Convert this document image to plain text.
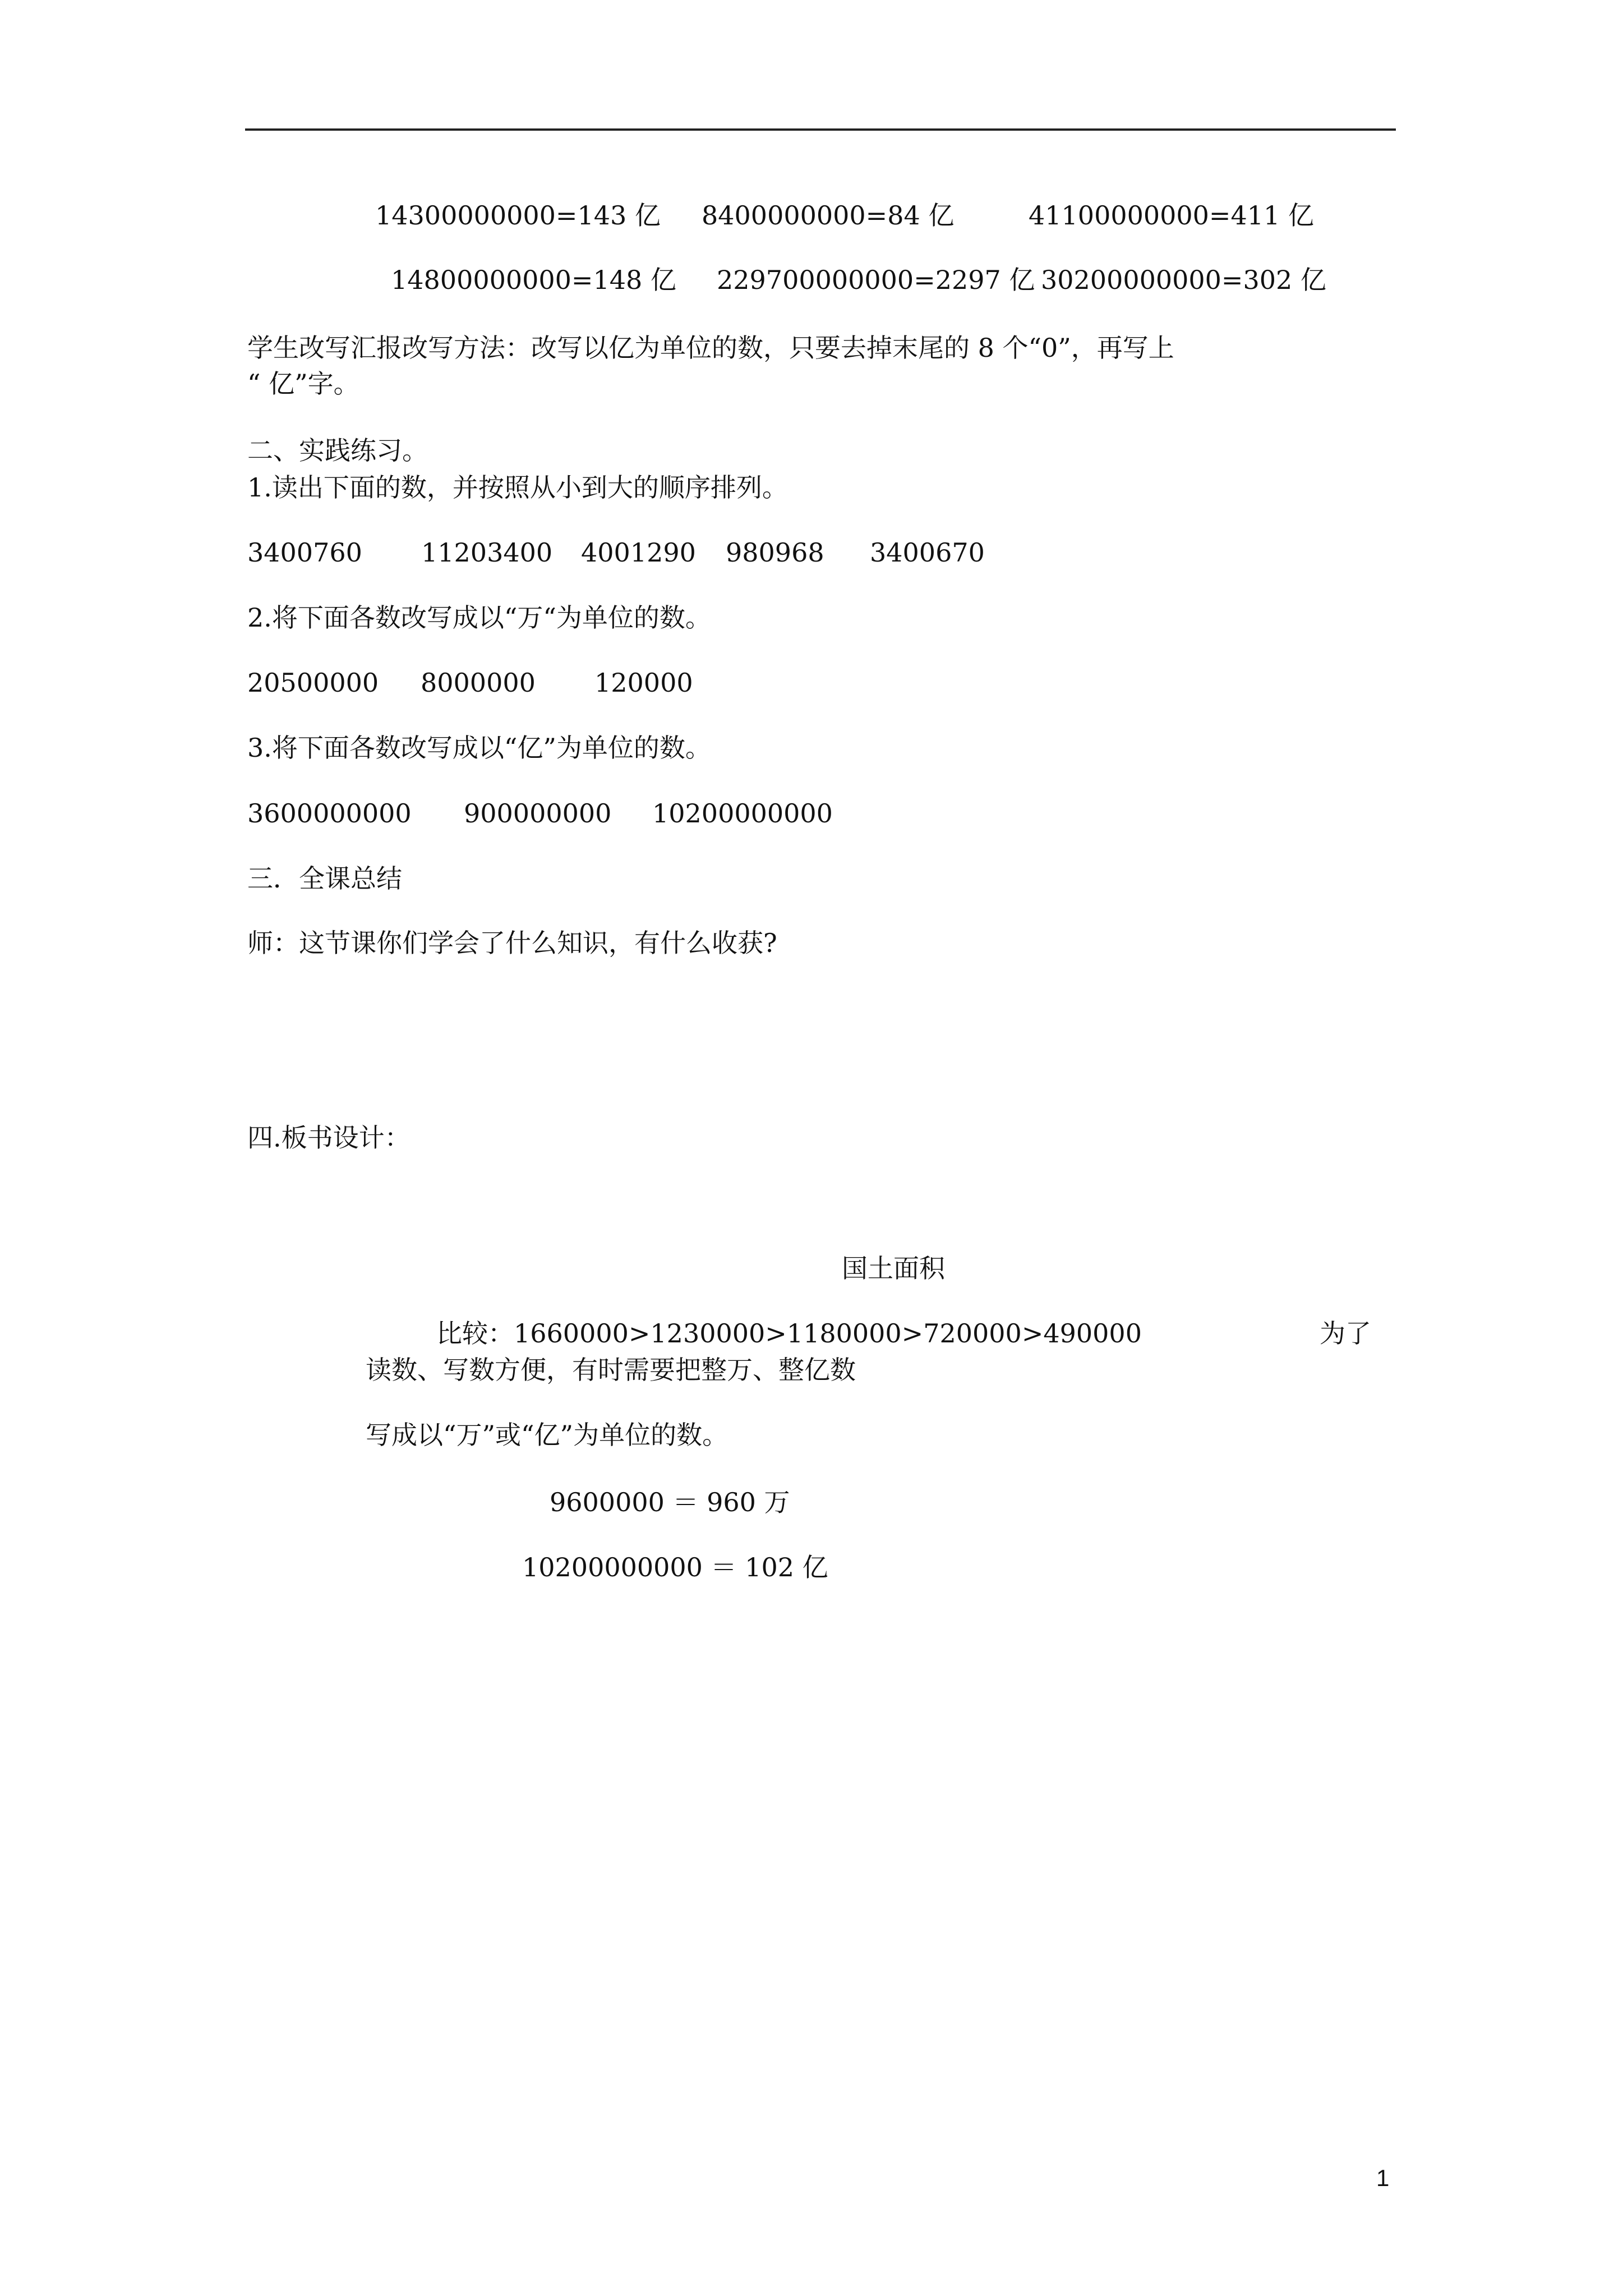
14300000000=143 亿 8400000000=84 亿	41100000000=411 亿
14800000000=148 亿 229700000000=2297 亿 30200000000=302 亿
学生改写汇报改写方法：改写以亿为单位的数，只要去掉末尾的 8 个“0”，再写上
“ 亿”字。
二、实践练习。
1.读出下面的数，并按照从小到大的顺序排列。
3400760 11203400 4001290 980968 3400670
2.将下面各数改写成以“万“为单位的数。
20500000 8000000 120000
3.将下面各数改写成以“亿”为单位的数。
3600000000 900000000 10200000000
三．全课总结
师：这节课你们学会了什么知识，有什么收获?
四.板书设计：
国土面积
比较：1660000>1230000>1180000>720000>490000	为了
读数、写数方便，有时需要把整万、整亿数
写成以“万”或“亿”为单位的数。
9600000 ＝ 960 万
10200000000 ＝ 102 亿
1
